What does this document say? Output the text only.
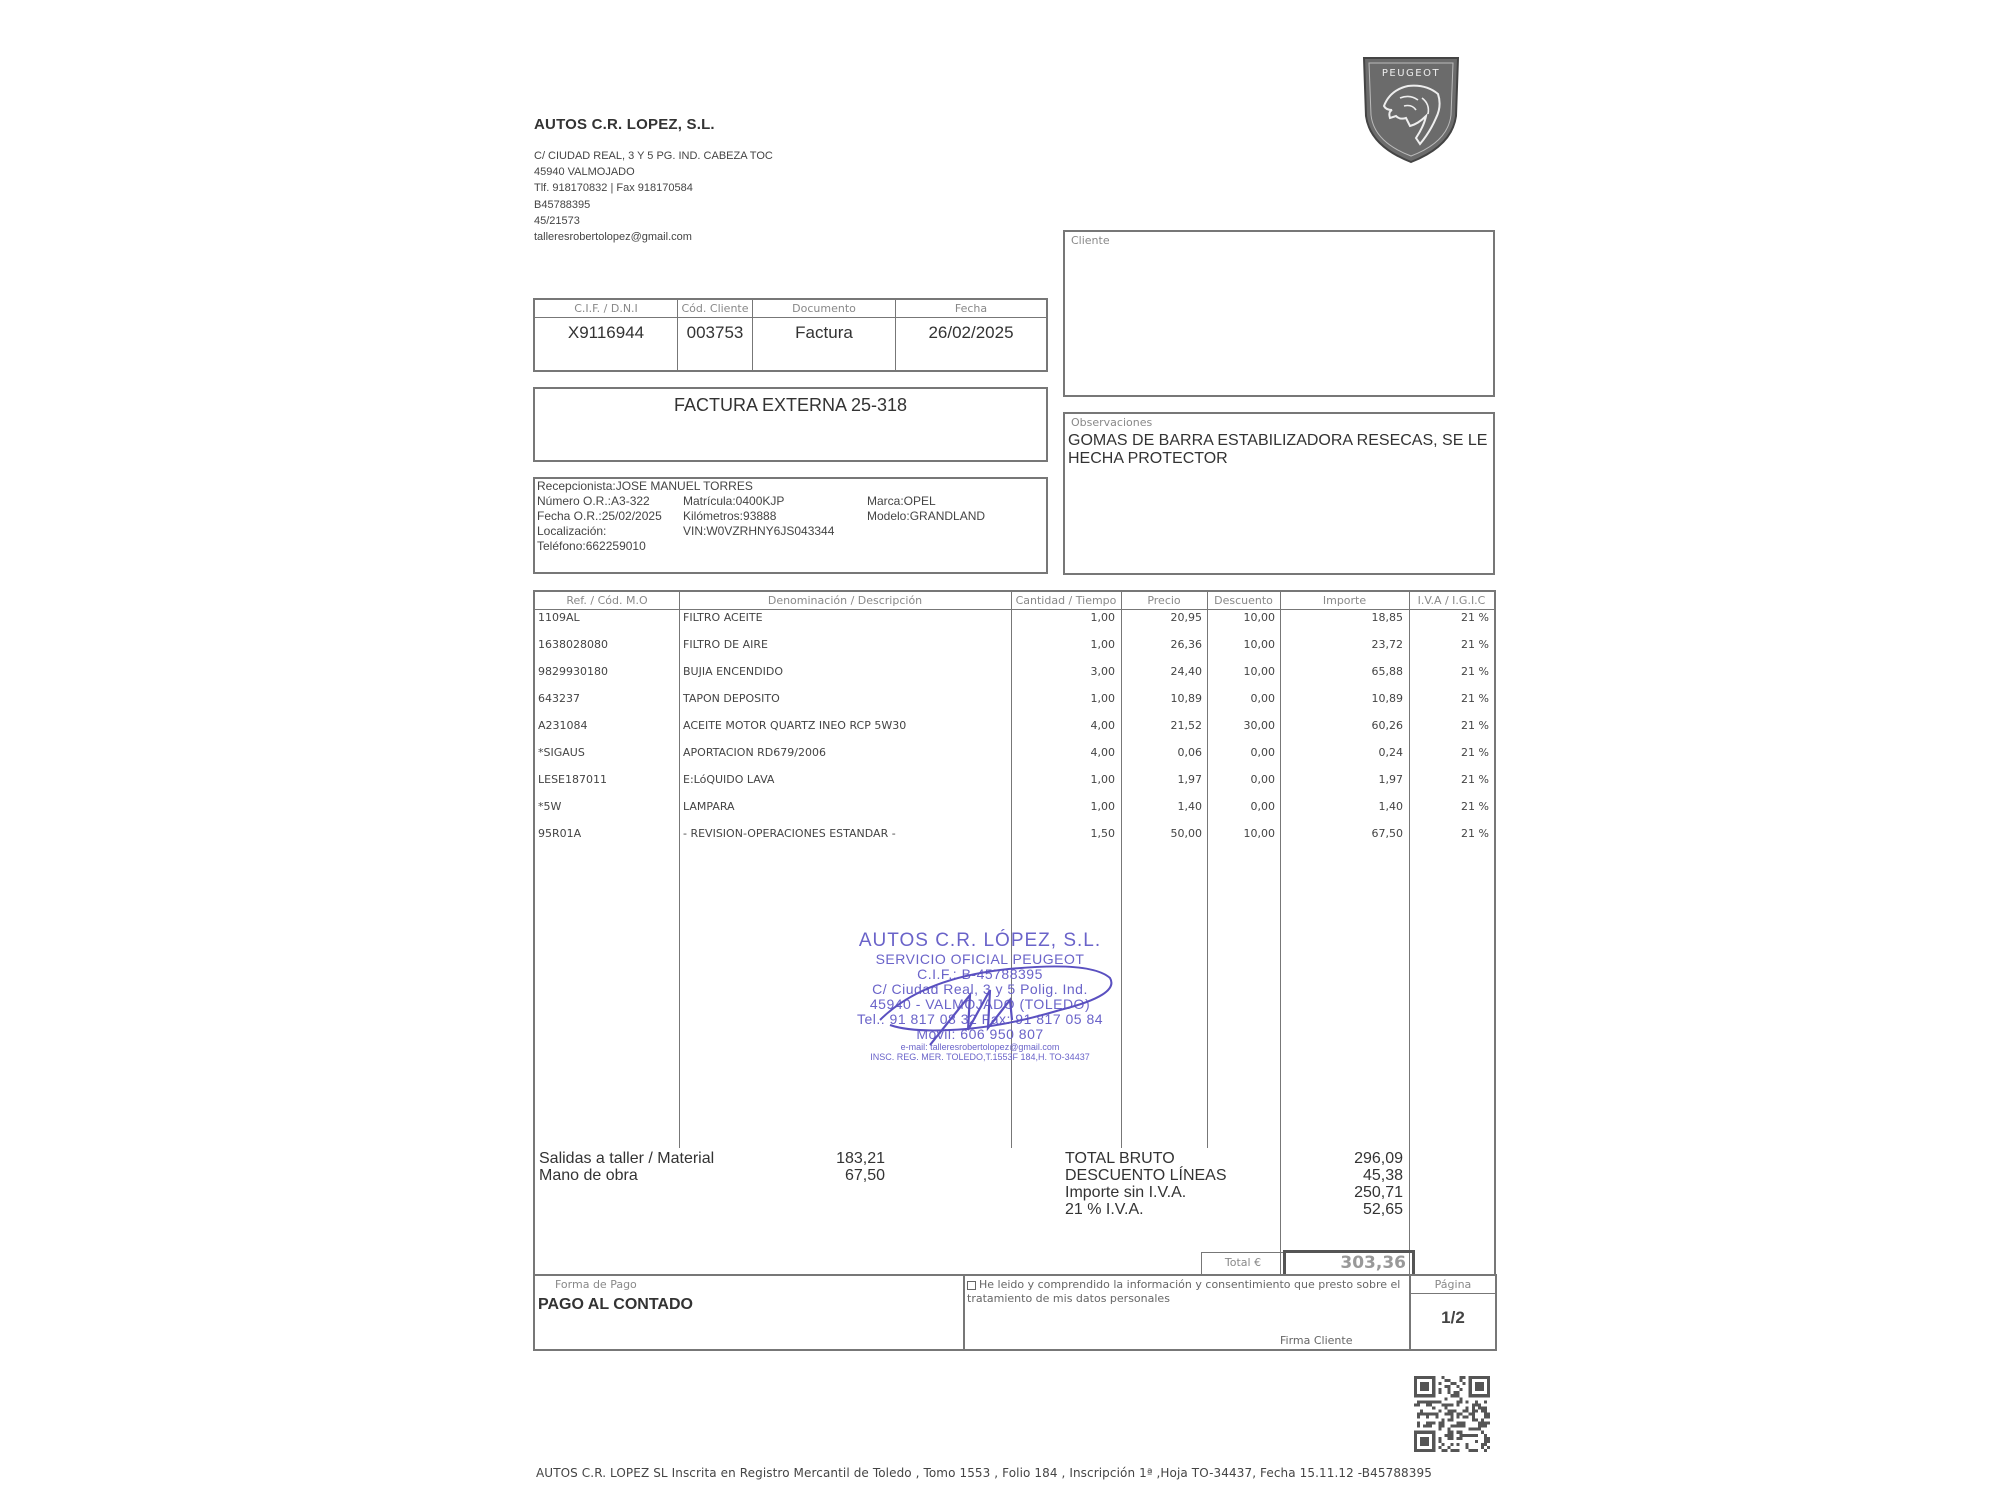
AUTOS C.R. LOPEZ, S.L.
C/ CIUDAD REAL, 3 Y 5 PG. IND. CABEZA TOC
45940 VALMOJADO
Tlf. 918170832 | Fax 918170584
B45788395
45/21573
talleresrobertolopez@gmail.com
PEUGEOT
C.I.F. / D.N.I
X9116944
Cód. Cliente
003753
Documento
Factura
Fecha
26/02/2025
FACTURA EXTERNA 25-318
Recepcionista:JOSE MANUEL TORRES
Número O.R.:A3-322
Fecha O.R.:25/02/2025
Localización:
Teléfono:662259010
Matrícula:0400KJP
Kilómetros:93888
VIN:W0VZRHNY6JS043344
Marca:OPEL
Modelo:GRANDLAND
Cliente
Observaciones
GOMAS DE BARRA ESTABILIZADORA RESECAS, SE LE HECHA PROTECTOR
Ref. / Cód. M.O	Denominación / Descripción	Cantidad / Tiempo	Precio	Descuento	Importe	I.V.A / I.G.I.C
1109AL	FILTRO ACEITE	1,00	20,95	10,00	18,85	21 %
1638028080	FILTRO DE AIRE	1,00	26,36	10,00	23,72	21 %
9829930180	BUJIA ENCENDIDO	3,00	24,40	10,00	65,88	21 %
643237	TAPON DEPOSITO	1,00	10,89	0,00	10,89	21 %
A231084	ACEITE MOTOR QUARTZ INEO RCP 5W30	4,00	21,52	30,00	60,26	21 %
*SIGAUS	APORTACION RD679/2006	4,00	0,06	0,00	0,24	21 %
LESE187011	E:LóQUIDO LAVA	1,00	1,97	0,00	1,97	21 %
*5W	LAMPARA	1,00	1,40	0,00	1,40	21 %
95R01A	- REVISION-OPERACIONES ESTANDAR -	1,50	50,00	10,00	67,50	21 %
AUTOS C.R. LÓPEZ, S.L.
SERVICIO OFICIAL PEUGEOT
C.I.F.: B-45788395
C/ Ciudad Real, 3 y 5 Polig. Ind.
45940 - VALMOJADO (TOLEDO)
Tel.: 91 817 08 32 Fax: 91 817 05 84
Movil: 606 950 807
e-mail: talleresrobertolopez@gmail.com
INSC. REG. MER. TOLEDO,T.1553F 184,H. TO-34437
Salidas a taller / Material	183,21
Mano de obra	67,50
TOTAL BRUTO	296,09
DESCUENTO LÍNEAS	45,38
Importe sin I.V.A.	250,71
21 % I.V.A.	52,65
Total €	303,36
Forma de Pago
PAGO AL CONTADO
He leido y comprendido la información y consentimiento que presto sobre el tratamiento de mis datos personales
Firma Cliente
Página
1/2
AUTOS C.R. LOPEZ SL Inscrita en Registro Mercantil de Toledo , Tomo 1553 , Folio 184 , Inscripción 1ª ,Hoja TO-34437, Fecha 15.11.12 -B45788395
